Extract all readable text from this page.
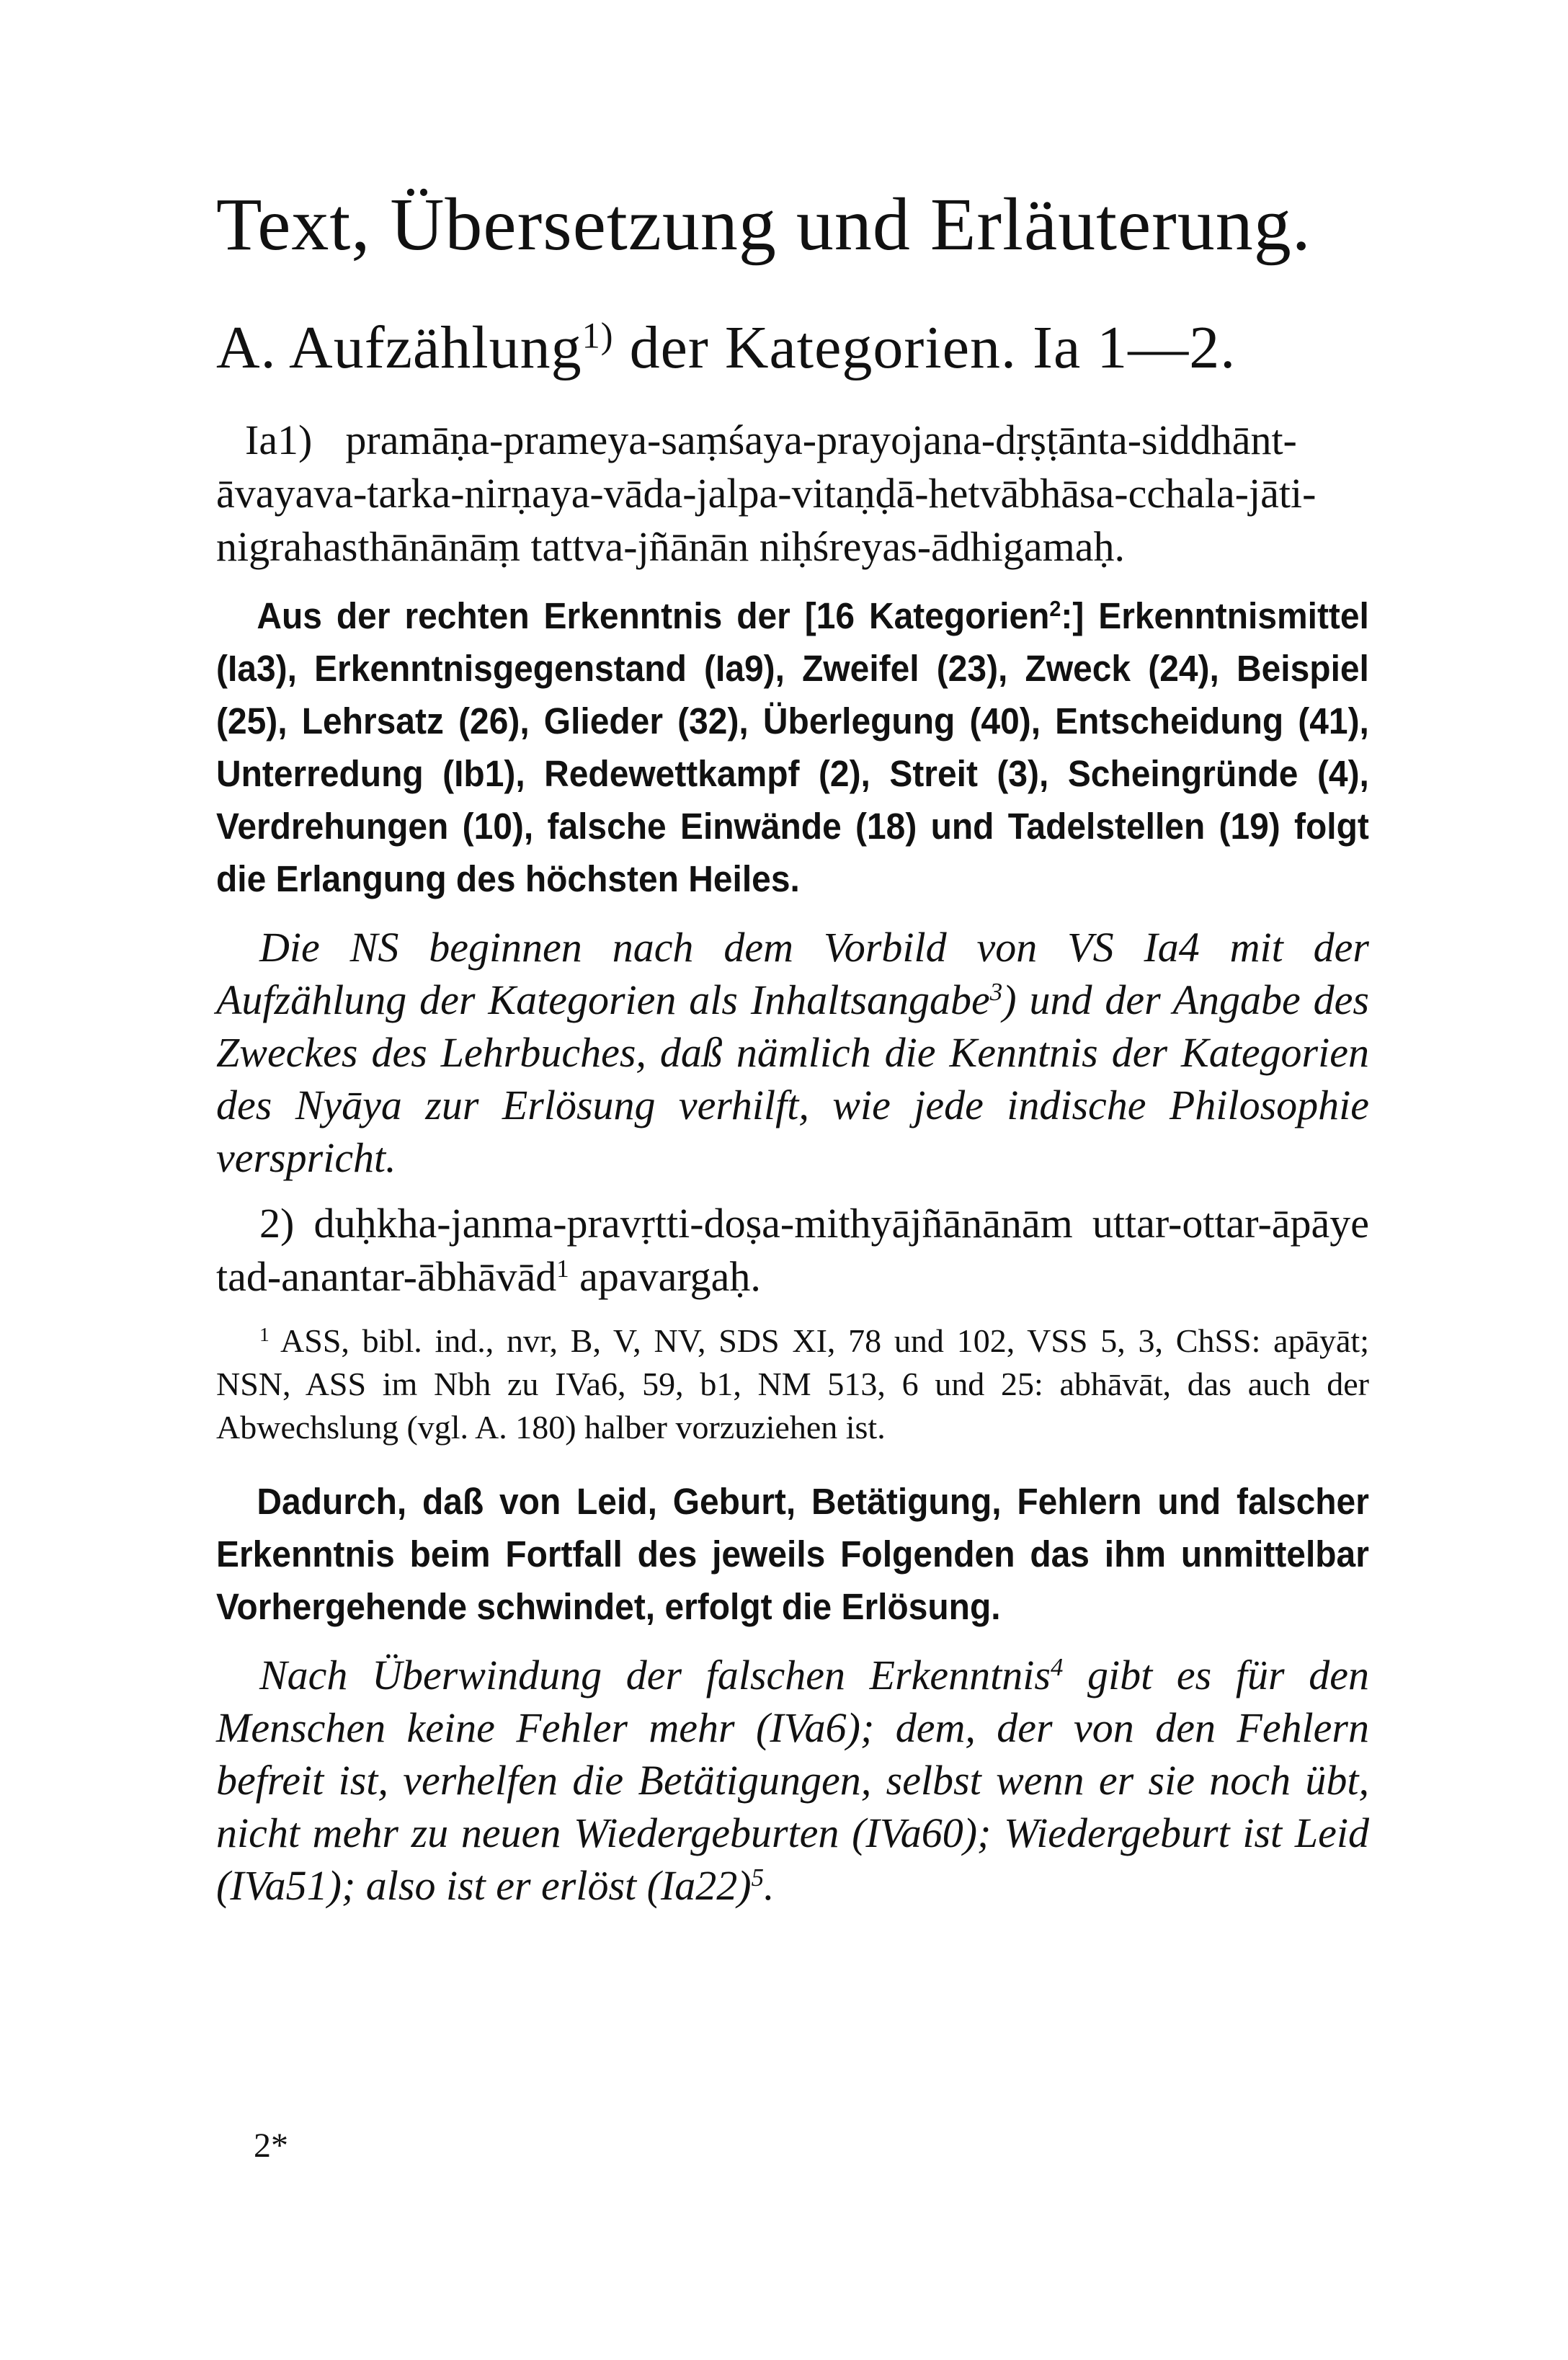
Text, Übersetzung und Erläuterung.
A. Aufzählung$^{1)}$ der Kategorien. Ia 1—2.

Ia1) pramāṇa-prameya-saṃśaya-prayojana-dṛṣṭānta-siddhānt-āvayava-tarka-nirṇaya-vāda-jalpa-vitaṇḍā-hetvābhāsa-cchala-jāti-nigrahasthānānāṃ tattva-jñānān niḥśreyas-ādhigamaḥ.

Aus der rechten Erkenntnis der [16 Kategorien$^2$:] Erkenntnismittel (Ia3), Erkenntnisgegenstand (Ia9), Zweifel (23), Zweck (24), Beispiel (25), Lehrsatz (26), Glieder (32), Überlegung (40), Entscheidung (41), Unterredung (Ib1), Redewettkampf (2), Streit (3), Scheingründe (4), Verdrehungen (10), falsche Einwände (18) und Tadelstellen (19) folgt die Erlangung des höchsten Heiles.

Die NS beginnen nach dem Vorbild von VS Ia4 mit der Aufzählung der Kategorien als Inhaltsangabe$^3$) und der Angabe des Zweckes des Lehrbuches, daß nämlich die Kenntnis der Kategorien des Nyāya zur Erlösung verhilft, wie jede indische Philosophie verspricht.

2) duḥkha-janma-pravṛtti-doṣa-mithyājñānānām uttar-ottar-āpāye tad-anantar-ābhāvād$^1$ apavargaḥ.

$^1$ ASS, bibl. ind., nvr, B, V, NV, SDS XI, 78 und 102, VSS 5, 3, ChSS: apāyāt; NSN, ASS im Nbh zu IVa6, 59, b1, NM 513, 6 und 25: abhāvāt, das auch der Abwechslung (vgl. A. 180) halber vorzuziehen ist.

Dadurch, daß von Leid, Geburt, Betätigung, Fehlern und falscher Erkenntnis beim Fortfall des jeweils Folgenden das ihm unmittelbar Vorhergehende schwindet, erfolgt die Erlösung.

Nach Überwindung der falschen Erkenntnis$^4$ gibt es für den Menschen keine Fehler mehr (IVa6); dem, der von den Fehlern befreit ist, verhelfen die Betätigungen, selbst wenn er sie noch übt, nicht mehr zu neuen Wiedergeburten (IVa60); Wiedergeburt ist Leid (IVa51); also ist er erlöst $(Ia22)^5$.

2*
